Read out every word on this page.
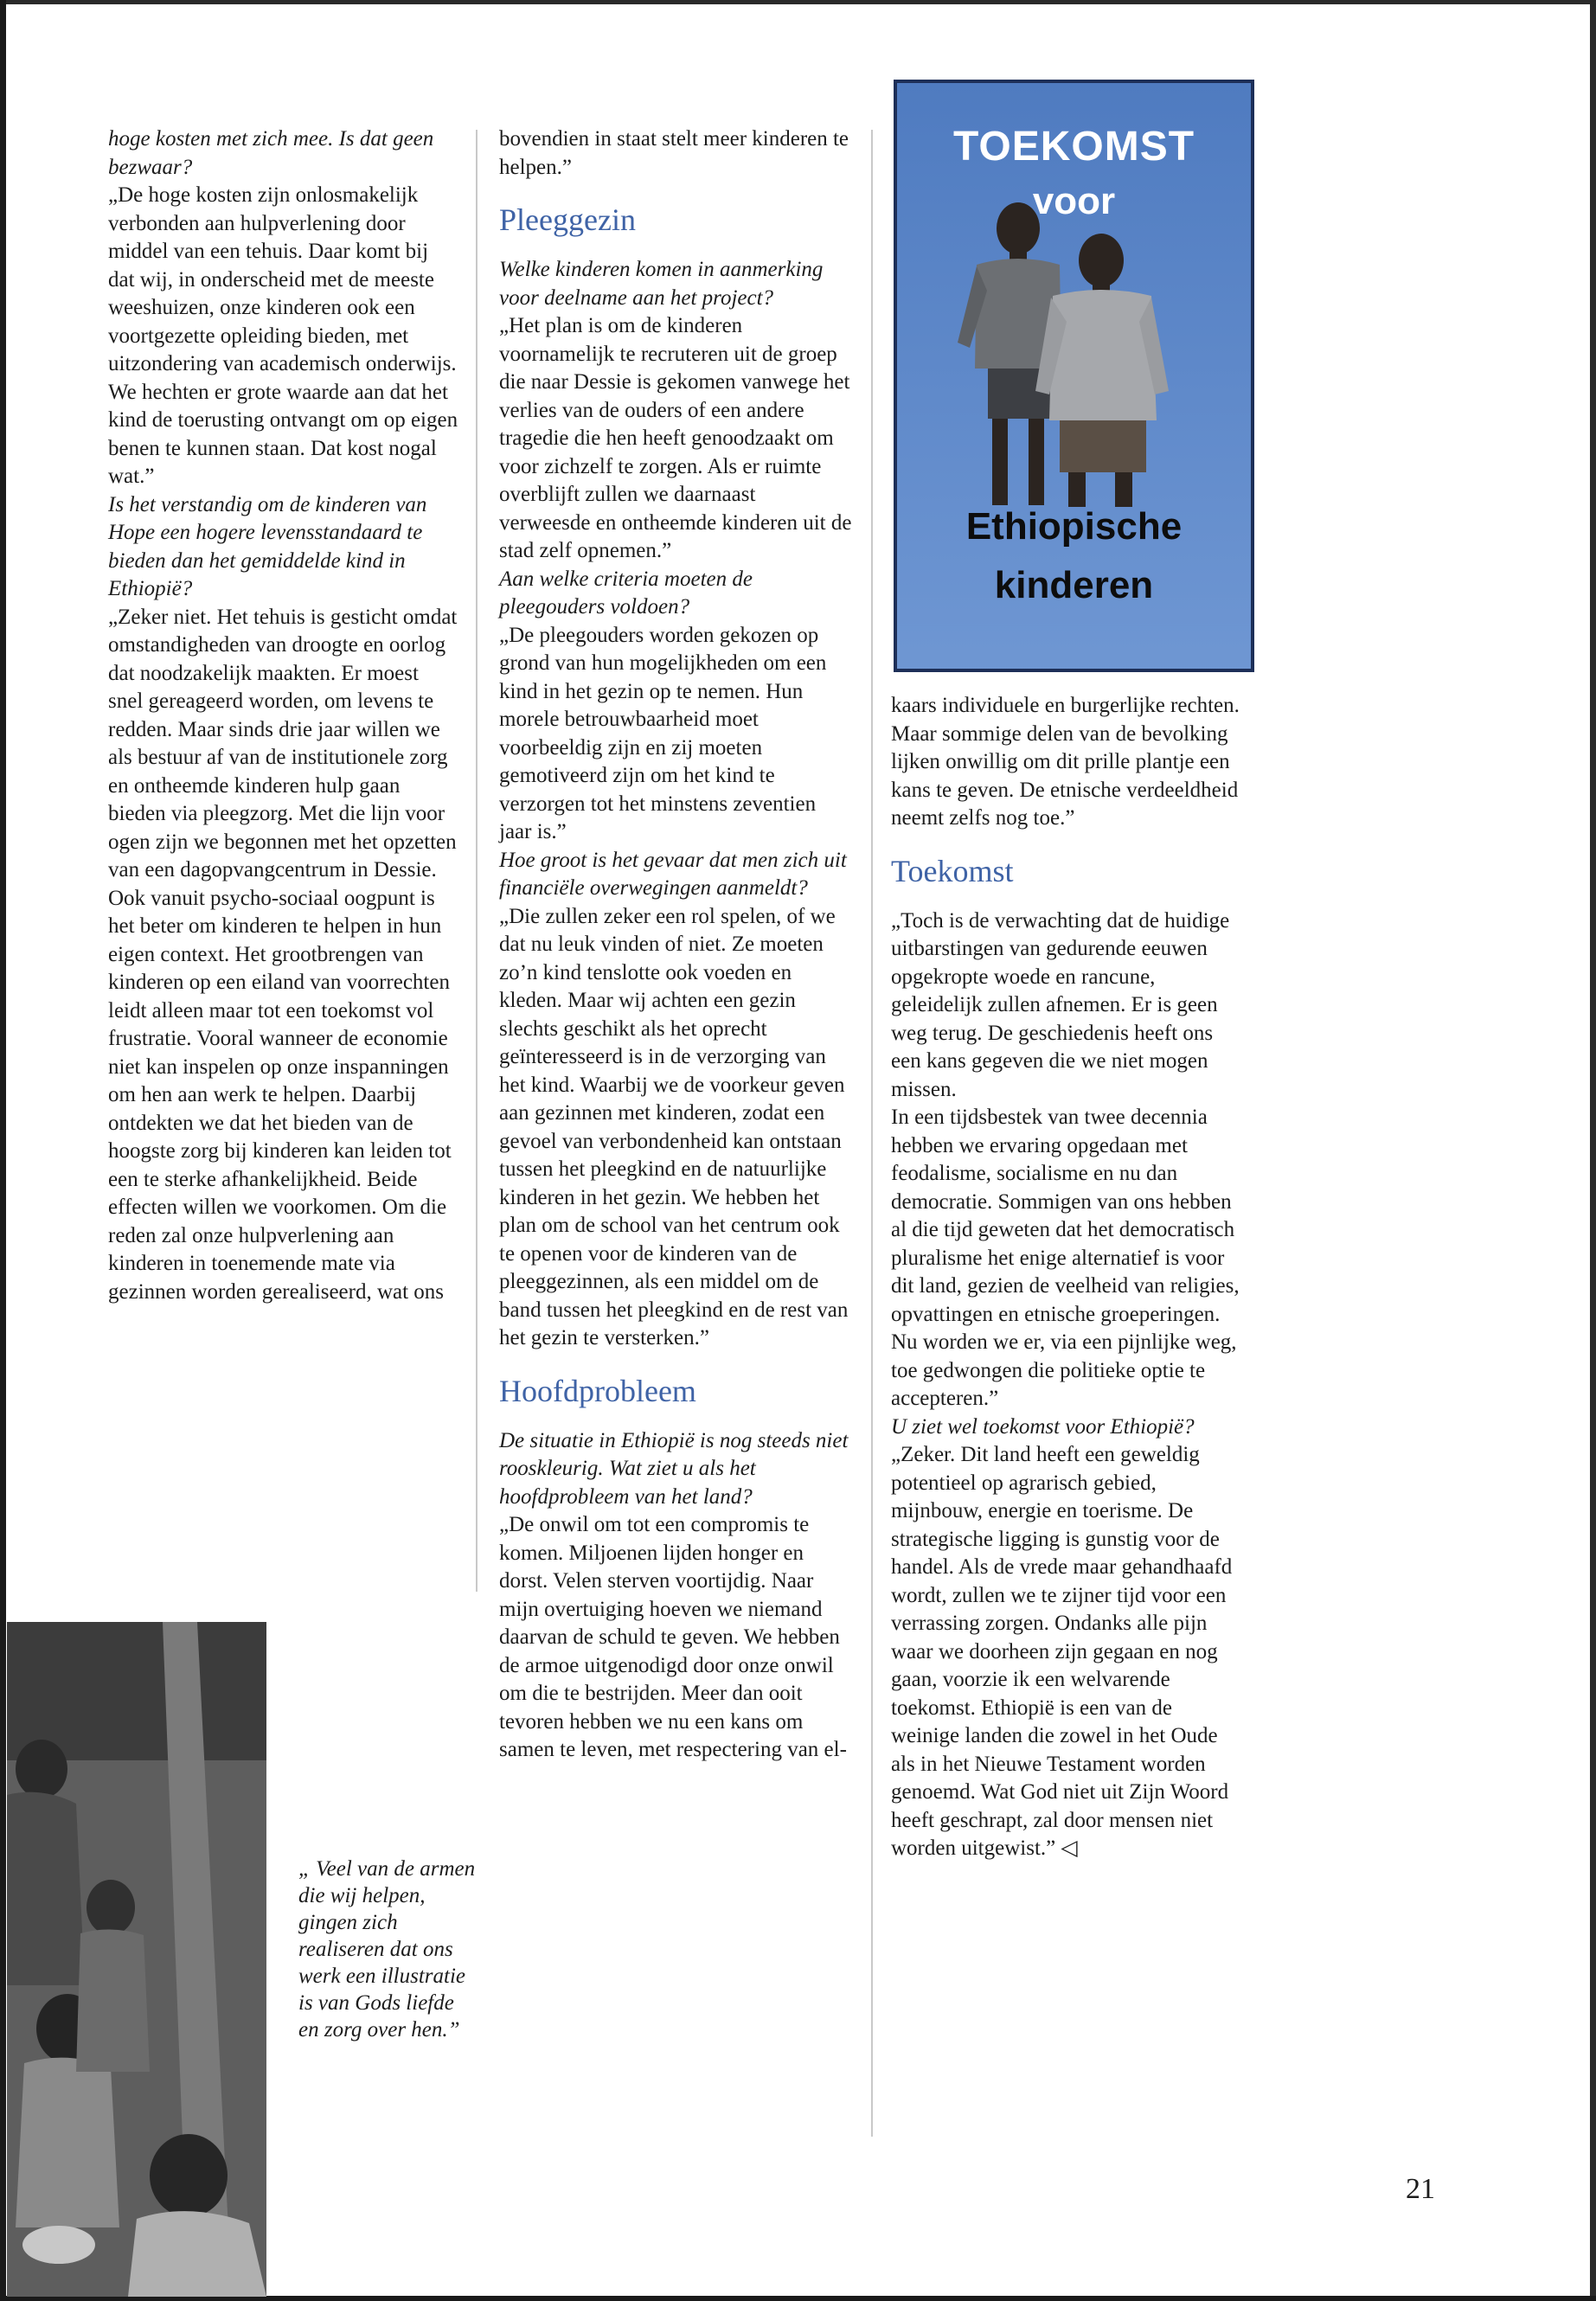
hoge kosten met zich mee. Is dat geen bezwaar?

„De hoge kosten zijn onlosmakelijk verbonden aan hulpverlening door middel van een tehuis. Daar komt bij dat wij, in onderscheid met de meeste weeshuizen, onze kinderen ook een voortgezette opleiding bieden, met uitzondering van academisch onderwijs. We hechten er grote waarde aan dat het kind de toerusting ontvangt om op eigen benen te kunnen staan. Dat kost nogal wat.”

Is het verstandig om de kinderen van Hope een hogere levensstandaard te bieden dan het gemiddelde kind in Ethiopië?

„Zeker niet. Het tehuis is gesticht omdat omstandigheden van droogte en oorlog dat noodzakelijk maakten. Er moest snel gereageerd worden, om levens te redden. Maar sinds drie jaar willen we als bestuur af van de institutionele zorg en ontheemde kinderen hulp gaan bieden via pleegzorg. Met die lijn voor ogen zijn we begonnen met het opzetten van een dagopvangcentrum in Dessie. Ook vanuit psycho-sociaal oogpunt is het beter om kinderen te helpen in hun eigen context. Het grootbrengen van kinderen op een eiland van voorrechten leidt alleen maar tot een toekomst vol frustratie. Vooral wanneer de economie niet kan inspelen op onze inspanningen om hen aan werk te helpen. Daarbij ontdekten we dat het bieden van de hoogste zorg bij kinderen kan leiden tot een te sterke afhankelijkheid. Beide effecten willen we voorkomen. Om die reden zal onze hulpverlening aan kinderen in toenemende mate via gezinnen worden gerealiseerd, wat ons

bovendien in staat stelt meer kinderen te helpen.”

Pleeggezin

Welke kinderen komen in aanmerking voor deelname aan het project?

„Het plan is om de kinderen voornamelijk te recruteren uit de groep die naar Dessie is gekomen vanwege het verlies van de ouders of een andere tragedie die hen heeft genoodzaakt om voor zichzelf te zorgen. Als er ruimte overblijft zullen we daarnaast verweesde en ontheemde kinderen uit de stad zelf opnemen.”

Aan welke criteria moeten de pleegouders voldoen?

„De pleegouders worden gekozen op grond van hun mogelijkheden om een kind in het gezin op te nemen. Hun morele betrouwbaarheid moet voorbeeldig zijn en zij moeten gemotiveerd zijn om het kind te verzorgen tot het minstens zeventien jaar is.”

Hoe groot is het gevaar dat men zich uit financiële overwegingen aanmeldt?

„Die zullen zeker een rol spelen, of we dat nu leuk vinden of niet. Ze moeten zo’n kind tenslotte ook voeden en kleden. Maar wij achten een gezin slechts geschikt als het oprecht geïnteresseerd is in de verzorging van het kind. Waarbij we de voorkeur geven aan gezinnen met kinderen, zodat een gevoel van verbondenheid kan ontstaan tussen het pleegkind en de natuurlijke kinderen in het gezin. We hebben het plan om de school van het centrum ook te openen voor de kinderen van de pleeggezinnen, als een middel om de band tussen het pleegkind en de rest van het gezin te versterken.”

Hoofdprobleem

De situatie in Ethiopië is nog steeds niet rooskleurig. Wat ziet u als het hoofdprobleem van het land?

„De onwil om tot een compromis te komen. Miljoenen lijden honger en dorst. Velen sterven voortijdig. Naar mijn overtuiging hoeven we niemand daarvan de schuld te geven. We hebben de armoe uitgenodigd door onze onwil om die te bestrijden. Meer dan ooit tevoren hebben we nu een kans om samen te leven, met respectering van el-

TOEKOMST
voor
Ethiopische
kinderen

kaars individuele en burgerlijke rechten. Maar sommige delen van de bevolking lijken onwillig om dit prille plantje een kans te geven. De etnische verdeeldheid neemt zelfs nog toe.”

Toekomst

„Toch is de verwachting dat de huidige uitbarstingen van gedurende eeuwen opgekropte woede en rancune, geleidelijk zullen afnemen. Er is geen weg terug. De geschiedenis heeft ons een kans gegeven die we niet mogen missen.

In een tijdsbestek van twee decennia hebben we ervaring opgedaan met feodalisme, socialisme en nu dan democratie. Sommigen van ons hebben al die tijd geweten dat het democratisch pluralisme het enige alternatief is voor dit land, gezien de veelheid van religies, opvattingen en etnische groeperingen. Nu worden we er, via een pijnlijke weg, toe gedwongen die politieke optie te accepteren.”

U ziet wel toekomst voor Ethiopië?

„Zeker. Dit land heeft een geweldig potentieel op agrarisch gebied, mijnbouw, energie en toerisme. De strategische ligging is gunstig voor de handel. Als de vrede maar gehandhaafd wordt, zullen we te zijner tijd voor een verrassing zorgen. Ondanks alle pijn waar we doorheen zijn gegaan en nog gaan, voorzie ik een welvarende toekomst. Ethiopië is een van de weinige landen die zowel in het Oude als in het Nieuwe Testament worden genoemd. Wat God niet uit Zijn Woord heeft geschrapt, zal door mensen niet worden uitgewist.” ◁

„ Veel van de armen die wij helpen, gingen zich realiseren dat ons werk een illustratie is van Gods liefde en zorg over hen.”
21
